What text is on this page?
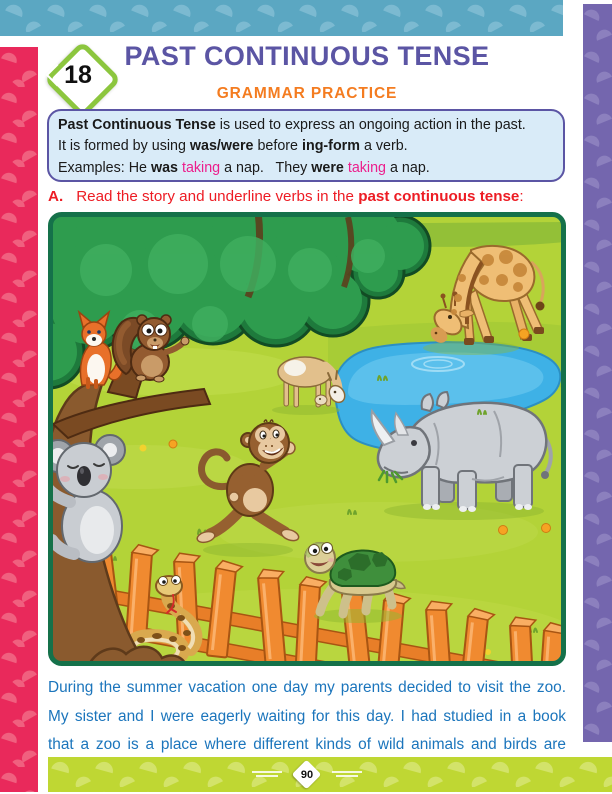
18
PAST CONTINUOUS TENSE
GRAMMAR PRACTICE
Past Continuous Tense is used to express an ongoing action in the past.
It is formed by using was/were before ing-form a verb.
Examples: He was taking a nap.   They were taking a nap.
A. Read the story and underline verbs in the past continuous tense:
During the summer vacation one day my parents decided to visit the zoo.
My sister and I were eagerly waiting for this day. I had studied in a book
that a zoo is a place where different kinds of wild animals and birds are
90
